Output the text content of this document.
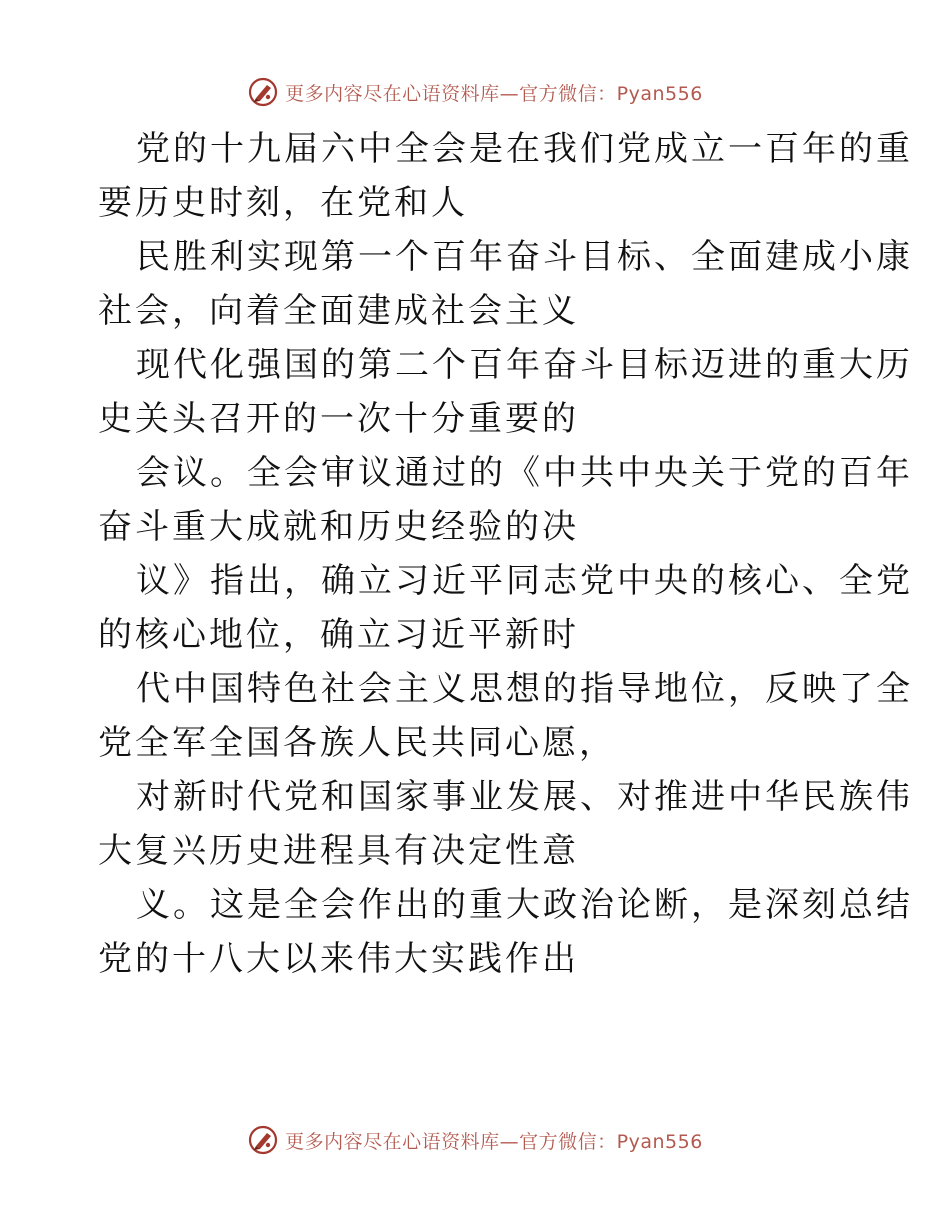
更多内容尽在心语资料库—官方微信：Pyan556

党的十九届六中全会是在我们党成立一百年的重
要历史时刻，在党和人

民胜利实现第一个百年奋斗目标、全面建成小康
社会，向着全面建成社会主义

现代化强国的第二个百年奋斗目标迈进的重大历
史关头召开的一次十分重要的

会议。全会审议通过的《中共中央关于党的百年
奋斗重大成就和历史经验的决

议》指出，确立习近平同志党中央的核心、全党
的核心地位，确立习近平新时

代中国特色社会主义思想的指导地位，反映了全
党全军全国各族人民共同心愿，

对新时代党和国家事业发展、对推进中华民族伟
大复兴历史进程具有决定性意

义。这是全会作出的重大政治论断，是深刻总结
党的十八大以来伟大实践作出

更多内容尽在心语资料库—官方微信：Pyan556
